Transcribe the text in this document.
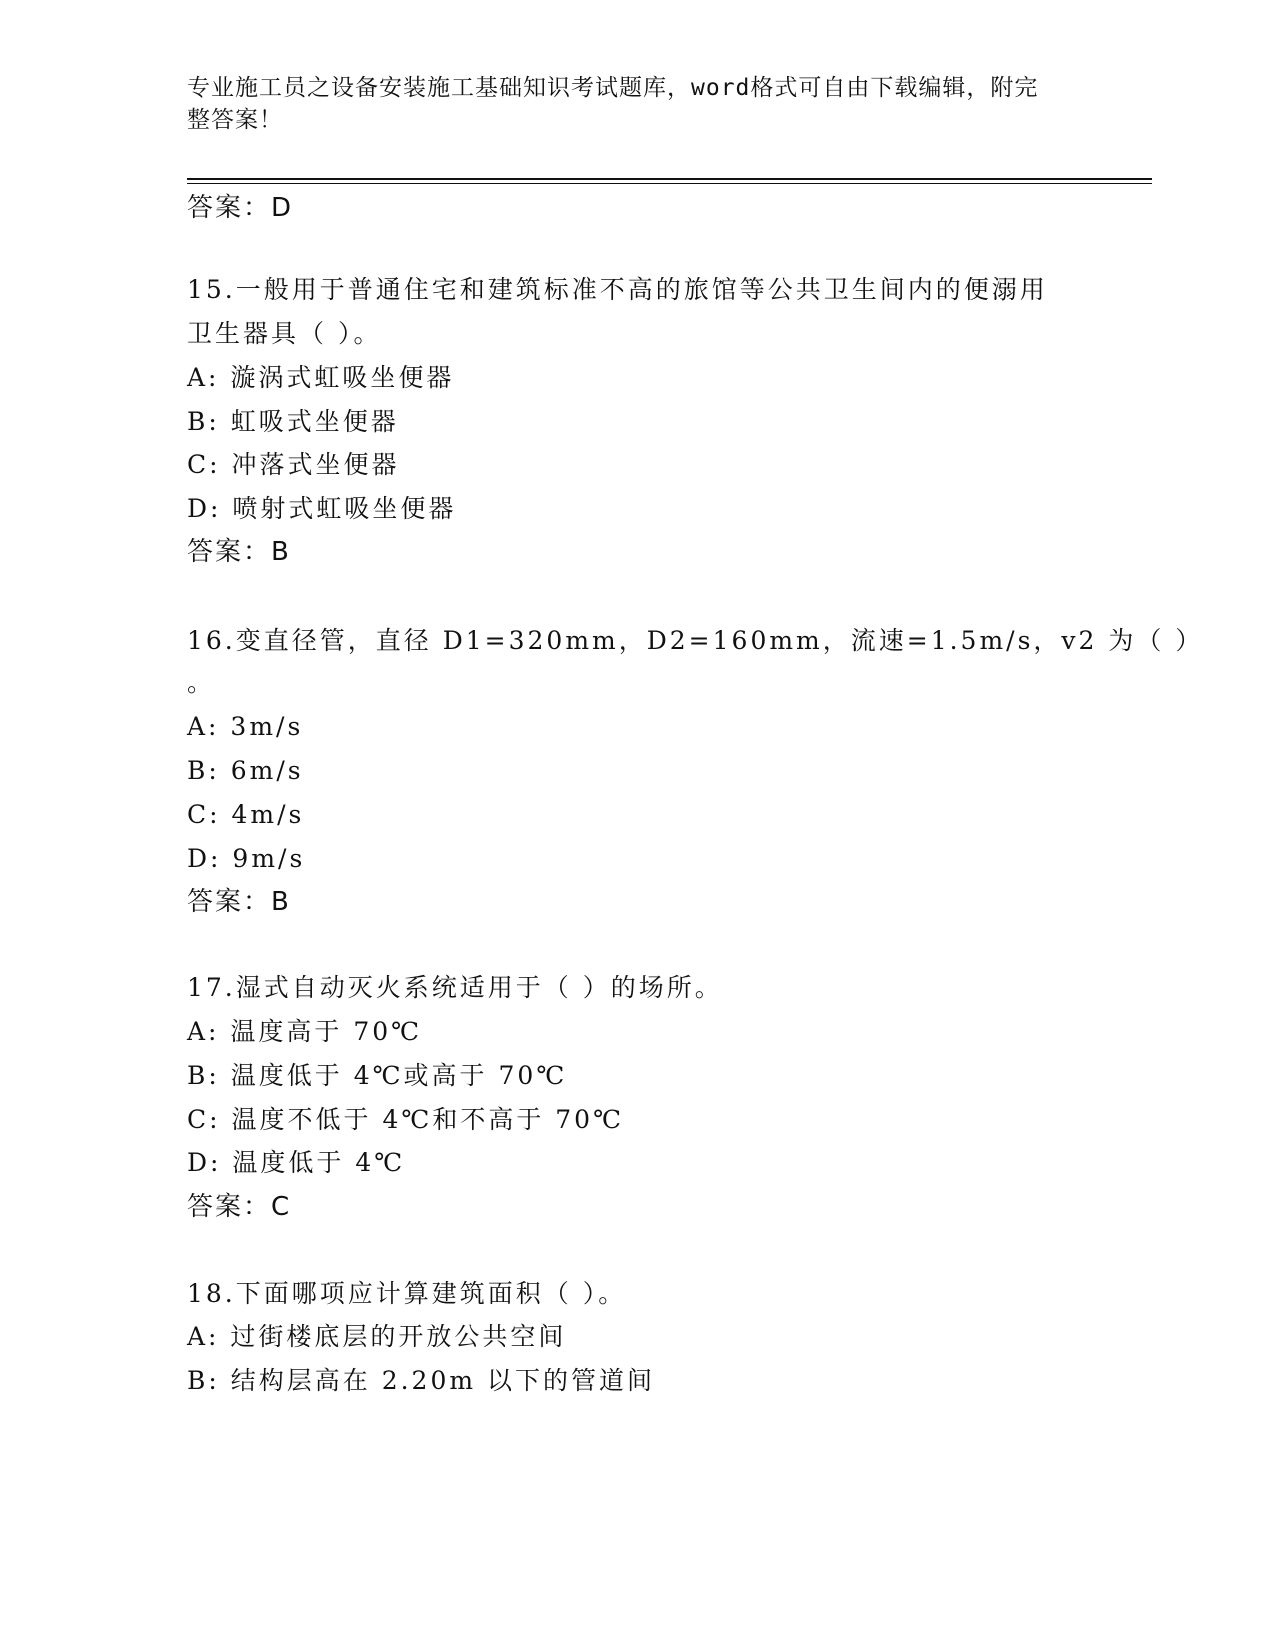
专业施工员之设备安装施工基础知识考试题库，word格式可自由下载编辑，附完
整答案！
答案：D
15.一般用于普通住宅和建筑标准不高的旅馆等公共卫生间内的便溺用
卫生器具（ ）。
A: 漩涡式虹吸坐便器
B: 虹吸式坐便器
C: 冲落式坐便器
D: 喷射式虹吸坐便器
答案：B
16.变直径管，直径 D1=320mm，D2=160mm，流速=1.5m/s，v2 为（ ）
。
A: 3m/s
B: 6m/s
C: 4m/s
D: 9m/s
答案：B
17.湿式自动灭火系统适用于（ ）的场所。
A: 温度高于 70℃
B: 温度低于 4℃或高于 70℃
C: 温度不低于 4℃和不高于 70℃
D: 温度低于 4℃
答案：C
18.下面哪项应计算建筑面积（ ）。
A: 过街楼底层的开放公共空间
B: 结构层高在 2.20m 以下的管道间
